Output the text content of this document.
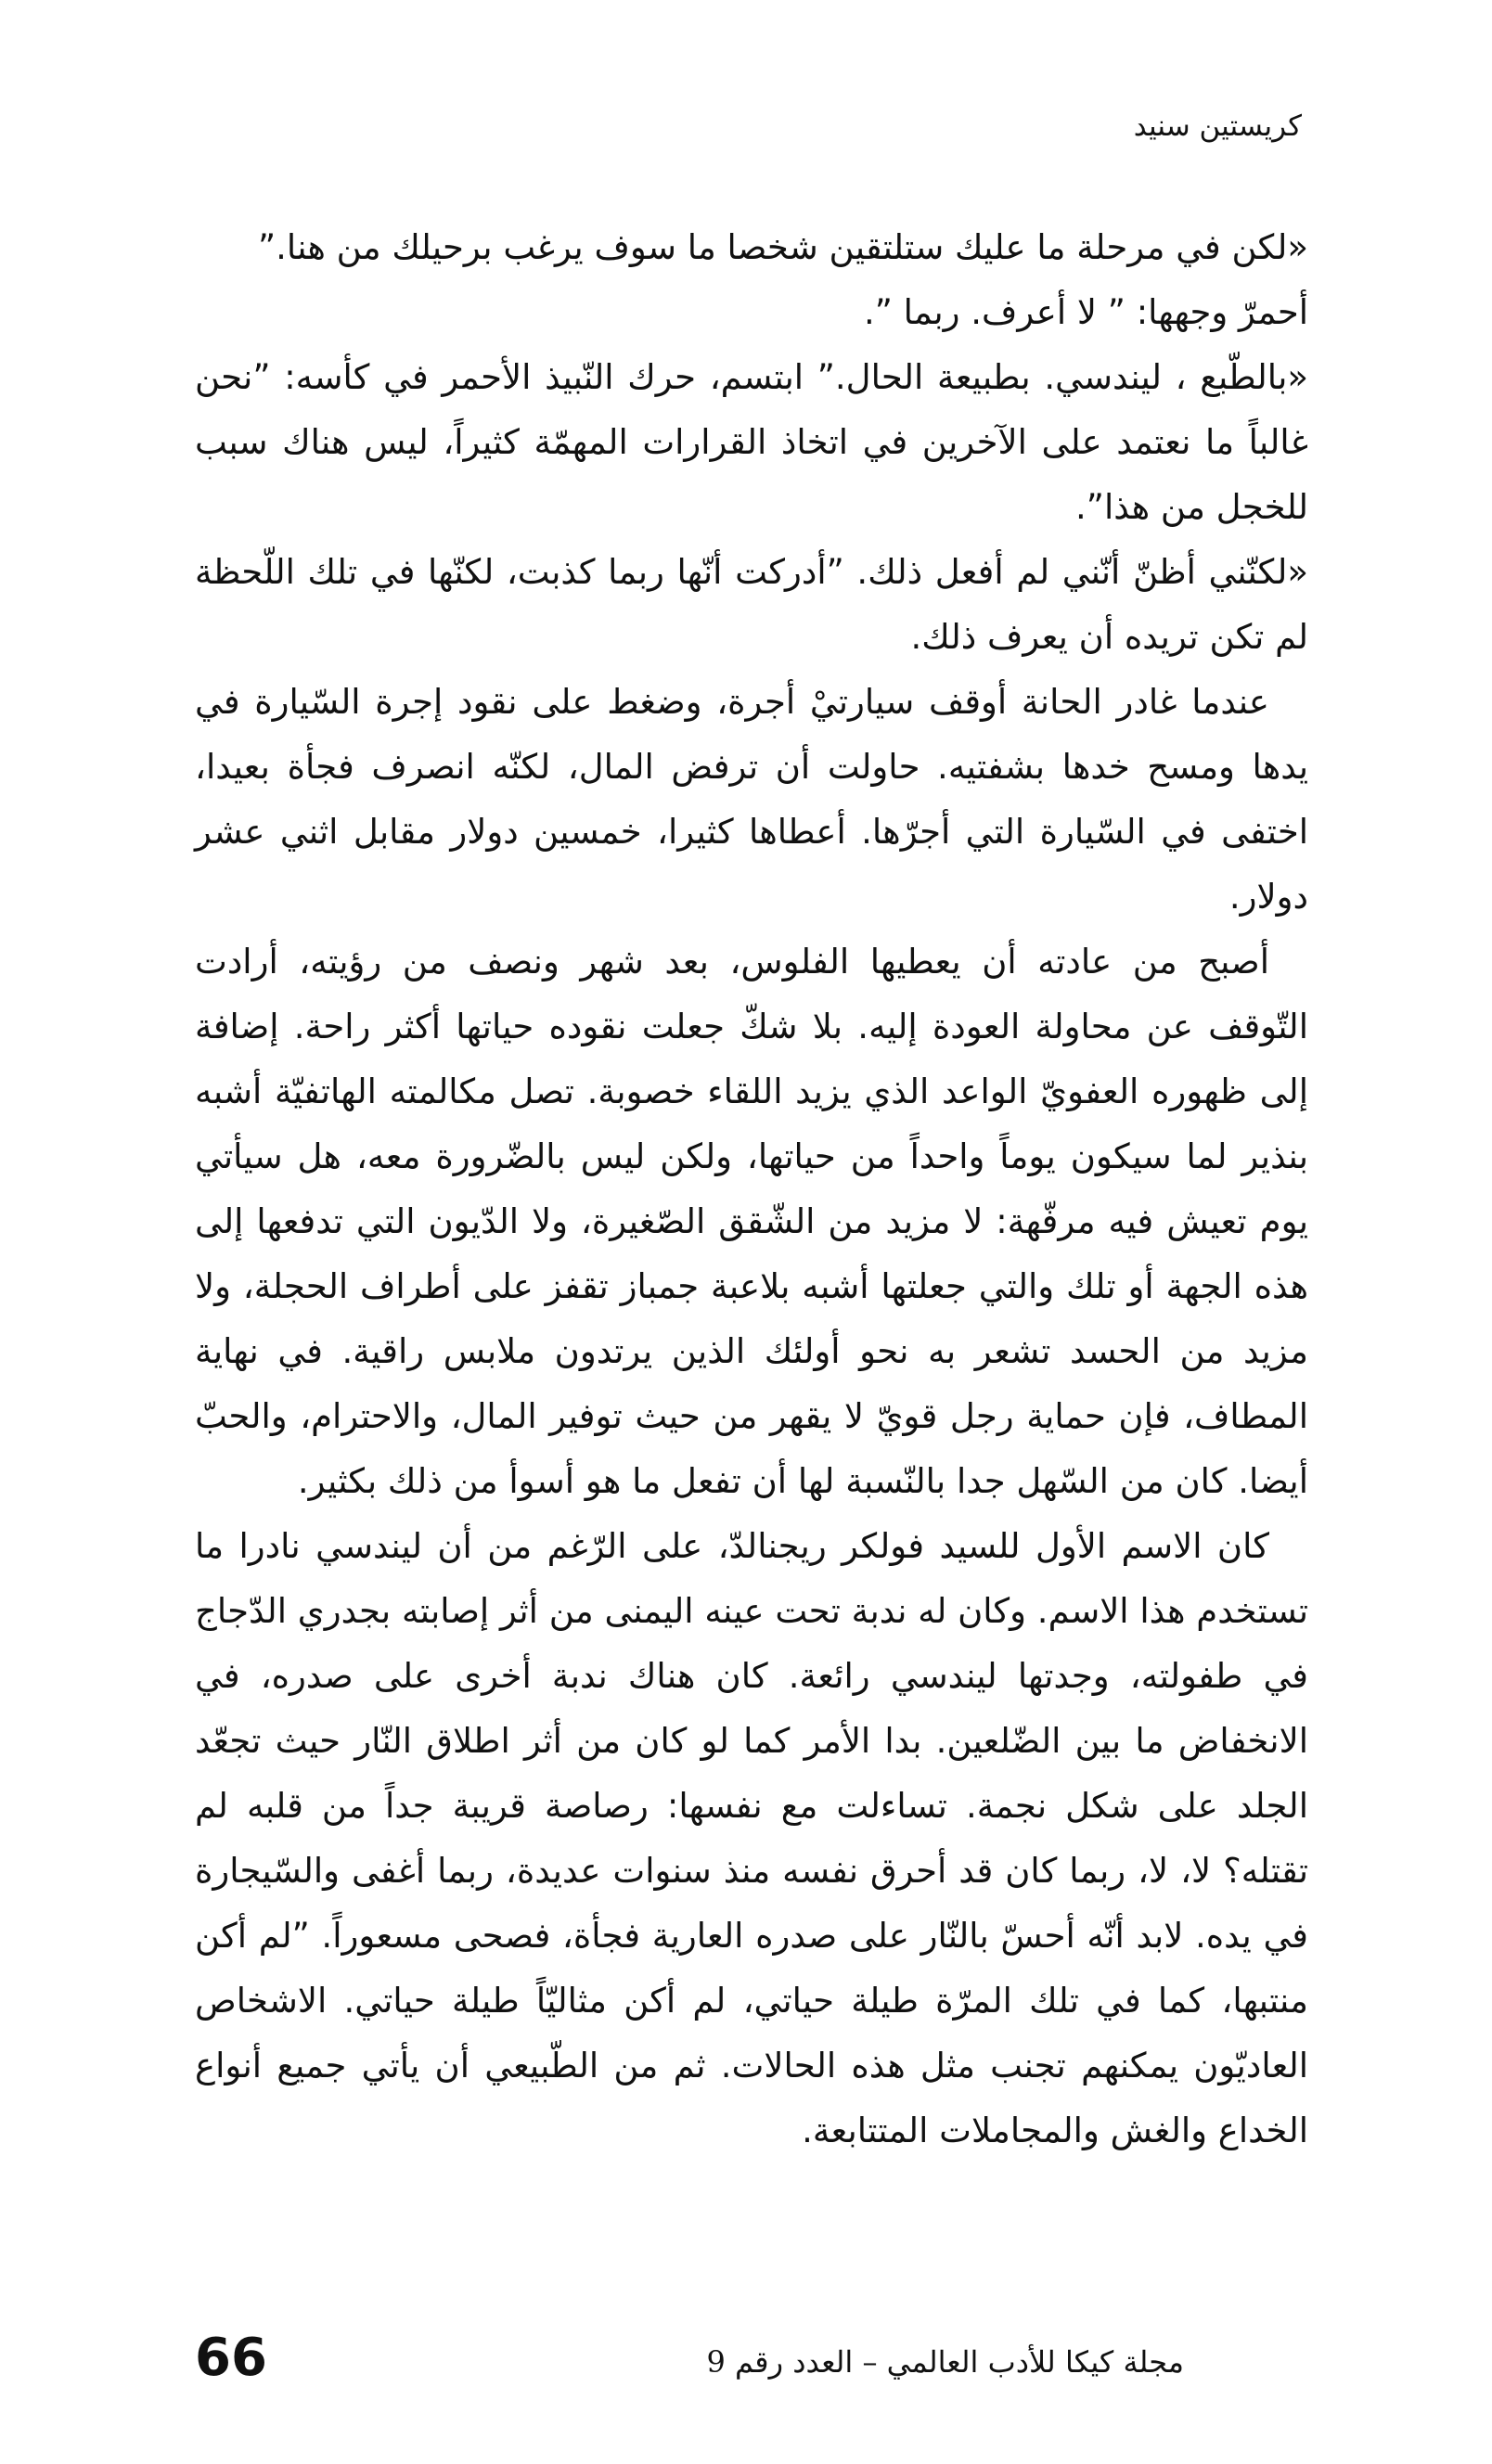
كريستين سنيد

«لكن في مرحلة ما عليك ستلتقين شخصا ما سوف يرغب برحيلك من هنا.”

أحمرّ وجهها: ” لا أعرف. ربما ”.

«بالطّبع ، ليندسي. بطبيعة الحال.” ابتسم، حرك النّبيذ الأحمر في كأسه: ”نحن غالباً ما نعتمد على الآخرين في اتخاذ القرارات المهمّة كثيراً، ليس هناك سبب للخجل من هذا”.

«لكنّني أظنّ أنّني لم أفعل ذلك. ”أدركت أنّها ربما كذبت، لكنّها في تلك اللّحظة لم تكن تريده أن يعرف ذلك.

عندما غادر الحانة أوقف سيارتيْ أجرة، وضغط على نقود إجرة السّيارة في يدها ومسح خدها بشفتيه. حاولت أن ترفض المال، لكنّه انصرف فجأة بعيدا، اختفى في السّيارة التي أجرّها. أعطاها كثيرا، خمسين دولار مقابل اثني عشر دولار.

أصبح من عادته أن يعطيها الفلوس، بعد شهر ونصف من رؤيته، أرادت التّوقف عن محاولة العودة إليه. بلا شكّ جعلت نقوده حياتها أكثر راحة. إضافة إلى ظهوره العفويّ الواعد الذي يزيد اللقاء خصوبة. تصل مكالمته الهاتفيّة أشبه بنذير لما سيكون يوماً واحداً من حياتها، ولكن ليس بالضّرورة معه، هل سيأتي يوم تعيش فيه مرفّهة: لا مزيد من الشّقق الصّغيرة، ولا الدّيون التي تدفعها إلى هذه الجهة أو تلك والتي جعلتها أشبه بلاعبة جمباز تقفز على أطراف الحجلة، ولا مزيد من الحسد تشعر به نحو أولئك الذين يرتدون ملابس راقية. في نهاية المطاف، فإن حماية رجل قويّ لا يقهر من حيث توفير المال، والاحترام، والحبّ أيضا. كان من السّهل جدا بالنّسبة لها أن تفعل ما هو أسوأ من ذلك بكثير.

كان الاسم الأول للسيد فولكر ريجنالدّ، على الرّغم من أن ليندسي نادرا ما تستخدم هذا الاسم. وكان له ندبة تحت عينه اليمنى من أثر إصابته بجدري الدّجاج في طفولته، وجدتها ليندسي رائعة. كان هناك ندبة أخرى على صدره، في الانخفاض ما بين الضّلعين. بدا الأمر كما لو كان من أثر اطلاق النّار حيث تجعّد الجلد على شكل نجمة. تساءلت مع نفسها: رصاصة قريبة جداً من قلبه لم تقتله؟ لا، لا، ربما كان قد أحرق نفسه منذ سنوات عديدة، ربما أغفى والسّيجارة في يده. لابد أنّه أحسّ بالنّار على صدره العارية فجأة، فصحى مسعوراً. ”لم أكن منتبها، كما في تلك المرّة طيلة حياتي، لم أكن مثاليّاً طيلة حياتي. الاشخاص العاديّون يمكنهم تجنب مثل هذه الحالات. ثم من الطّبيعي أن يأتي جميع أنواع الخداع والغش والمجاملات المتتابعة.

66	مجلة كيكا للأدب العالمي – العدد رقم 9
